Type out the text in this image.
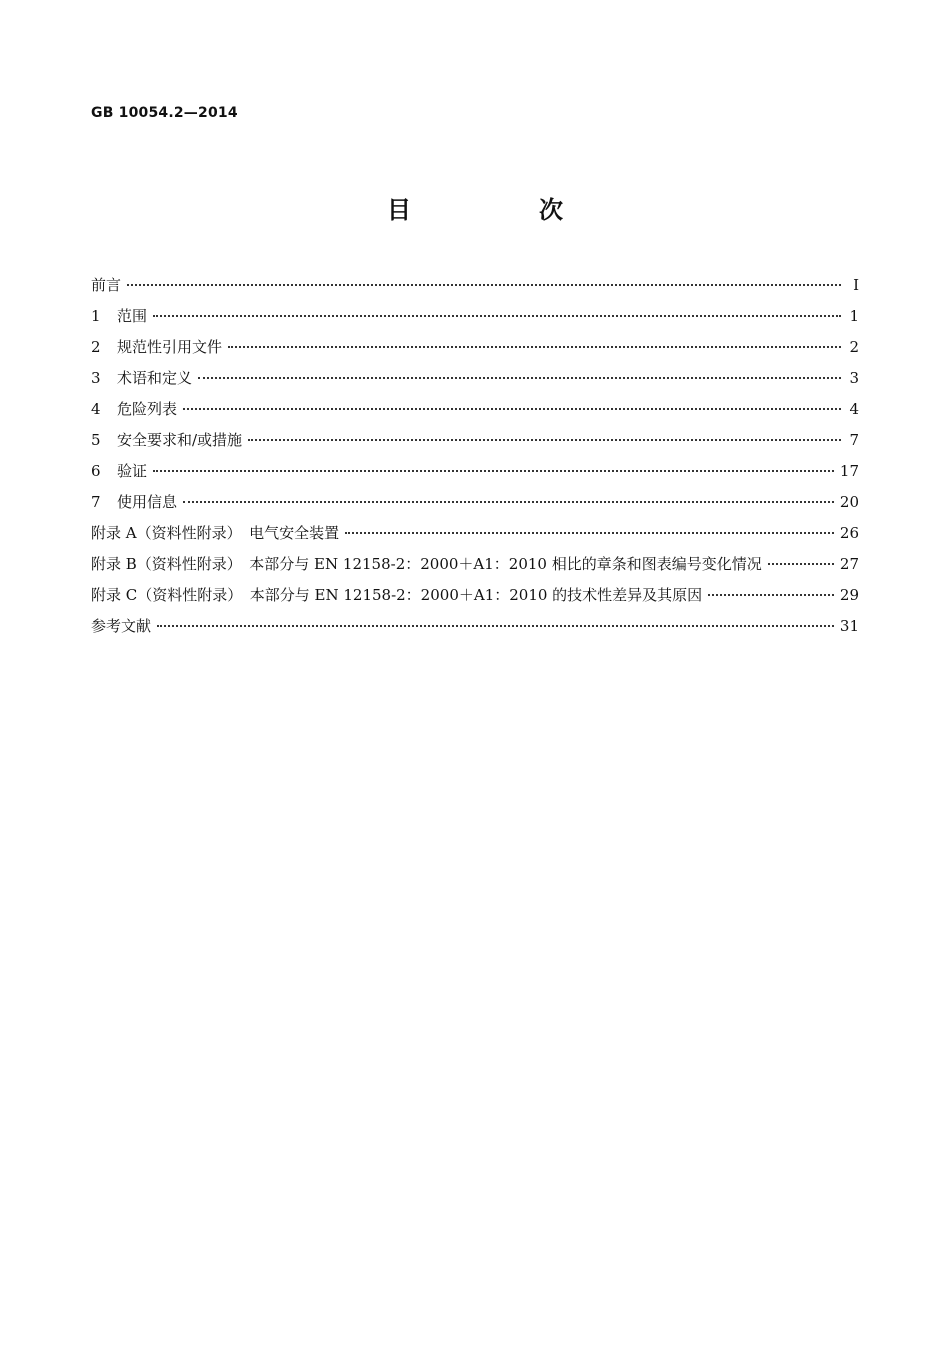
GB 10054.2—2014
目　次
前言	Ⅰ
1	范围	1
2	规范性引用文件	2
3	术语和定义	3
4	危险列表	4
5	安全要求和/或措施	7
6	验证	17
7	使用信息	20
附录 A（资料性附录）　电气安全装置	26
附录 B（资料性附录）　本部分与 EN 12158-2：2000＋A1：2010 相比的章条和图表编号变化情况	27
附录 C（资料性附录）　本部分与 EN 12158-2：2000＋A1：2010 的技术性差异及其原因	29
参考文献	31
